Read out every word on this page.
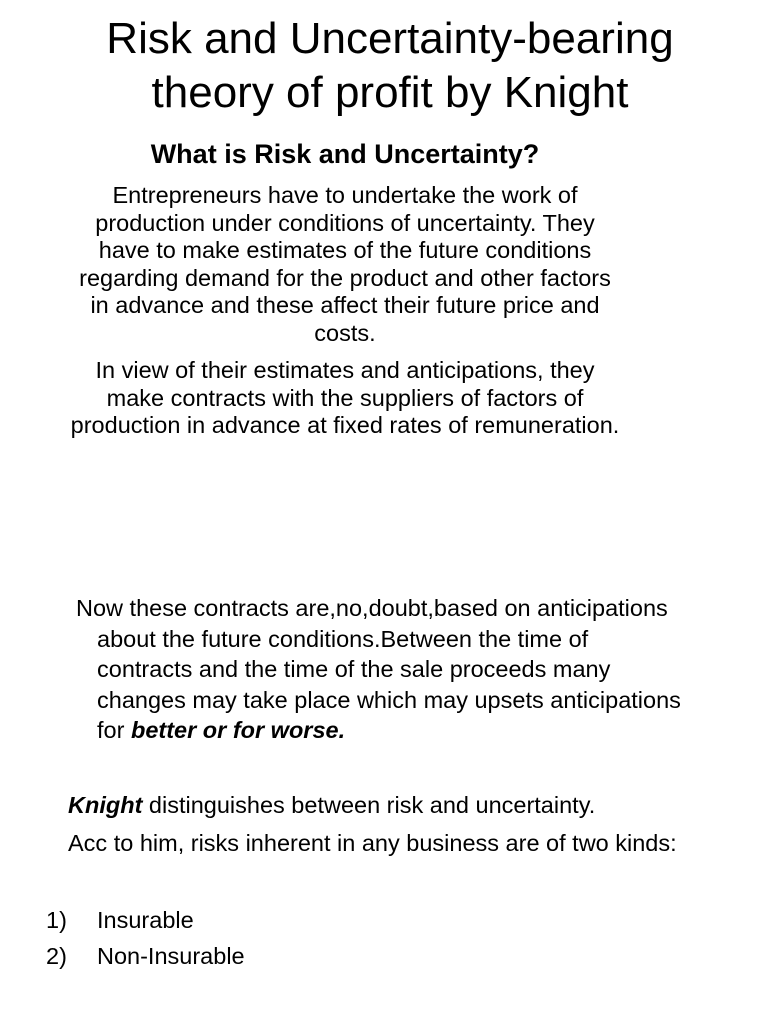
Risk and Uncertainty-bearing
theory of profit by Knight
What is Risk and Uncertainty?

Entrepreneurs have to undertake the work of
production under conditions of uncertainty. They
have to make estimates of the future conditions
regarding demand for the product and other factors
in advance and these affect their future price and
costs.

In view of their estimates and anticipations, they
make contracts with the suppliers of factors of
production in advance at fixed rates of remuneration.

Now these contracts are,no,doubt,based on anticipations
about the future conditions.Between the time of
contracts and the time of the sale proceeds many
changes may take place which may upsets anticipations
for better or for worse.

Knight distinguishes between risk and uncertainty.

Acc to him, risks inherent in any business are of two kinds:

1) Insurable
2) Non-Insurable
